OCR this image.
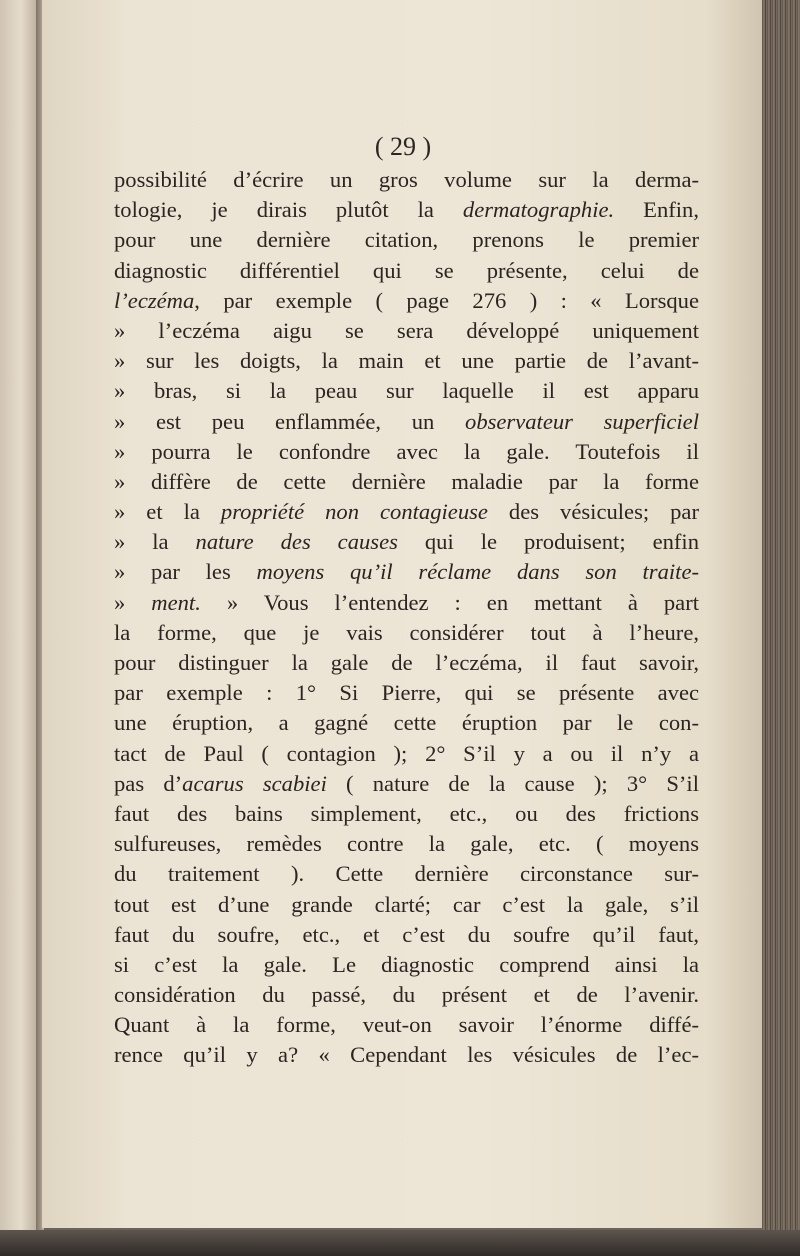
( 29 )
possibilité d’écrire un gros volume sur la derma-
tologie, je dirais plutôt la dermatographie. Enfin,
pour une dernière citation, prenons le premier
diagnostic différentiel qui se présente, celui de
l’eczéma, par exemple ( page 276 ) : « Lorsque
» l’eczéma aigu se sera développé uniquement
» sur les doigts, la main et une partie de l’avant-
» bras, si la peau sur laquelle il est apparu
» est peu enflammée, un observateur superficiel
» pourra le confondre avec la gale. Toutefois il
» diffère de cette dernière maladie par la forme
» et la propriété non contagieuse des vésicules; par
» la nature des causes qui le produisent; enfin
» par les moyens qu’il réclame dans son traite-
» ment. » Vous l’entendez : en mettant à part
la forme, que je vais considérer tout à l’heure,
pour distinguer la gale de l’eczéma, il faut savoir,
par exemple : 1° Si Pierre, qui se présente avec
une éruption, a gagné cette éruption par le con-
tact de Paul ( contagion ); 2° S’il y a ou il n’y a
pas d’acarus scabiei ( nature de la cause ); 3° S’il
faut des bains simplement, etc., ou des frictions
sulfureuses, remèdes contre la gale, etc. ( moyens
du traitement ). Cette dernière circonstance sur-
tout est d’une grande clarté; car c’est la gale, s’il
faut du soufre, etc., et c’est du soufre qu’il faut,
si c’est la gale. Le diagnostic comprend ainsi la
considération du passé, du présent et de l’avenir.
Quant à la forme, veut-on savoir l’énorme diffé-
rence qu’il y a? « Cependant les vésicules de l’ec-
